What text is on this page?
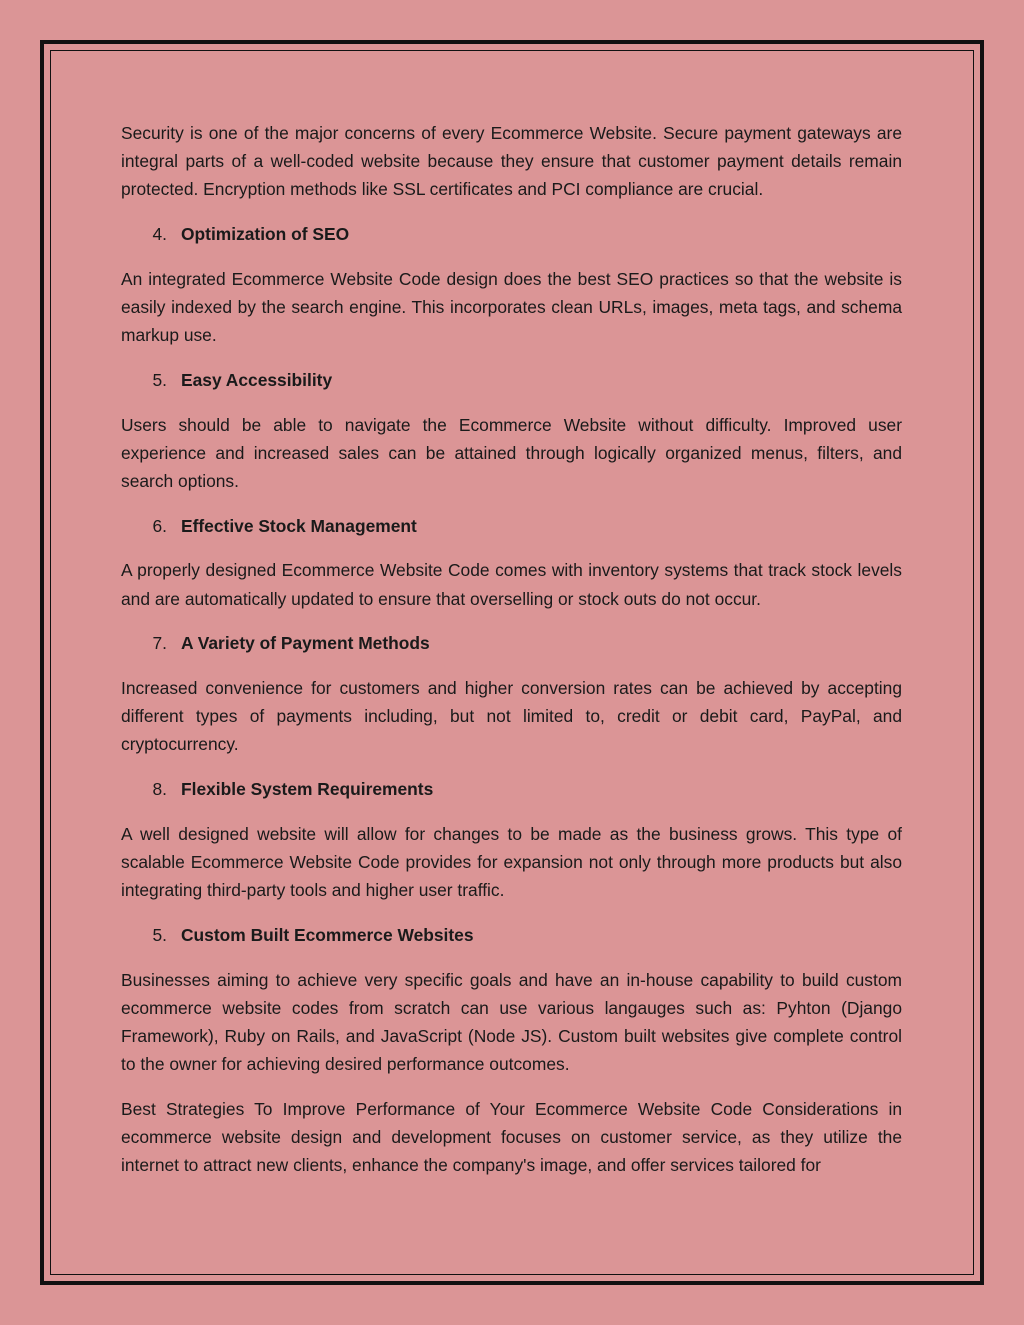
Security is one of the major concerns of every Ecommerce Website. Secure payment gateways are integral parts of a well-coded website because they ensure that customer payment details remain protected. Encryption methods like SSL certificates and PCI compliance are crucial.

4. Optimization of SEO

An integrated Ecommerce Website Code design does the best SEO practices so that the website is easily indexed by the search engine. This incorporates clean URLs, images, meta tags, and schema markup use.

5. Easy Accessibility

Users should be able to navigate the Ecommerce Website without difficulty. Improved user experience and increased sales can be attained through logically organized menus, filters, and search options.

6. Effective Stock Management

A properly designed Ecommerce Website Code comes with inventory systems that track stock levels and are automatically updated to ensure that overselling or stock outs do not occur.

7. A Variety of Payment Methods

Increased convenience for customers and higher conversion rates can be achieved by accepting different types of payments including, but not limited to, credit or debit card, PayPal, and cryptocurrency.

8. Flexible System Requirements

A well designed website will allow for changes to be made as the business grows. This type of scalable Ecommerce Website Code provides for expansion not only through more products but also integrating third-party tools and higher user traffic.

5. Custom Built Ecommerce Websites

Businesses aiming to achieve very specific goals and have an in-house capability to build custom ecommerce website codes from scratch can use various langauges such as: Pyhton (Django Framework), Ruby on Rails, and JavaScript (Node JS). Custom built websites give complete control to the owner for achieving desired performance outcomes.

Best Strategies To Improve Performance of Your Ecommerce Website Code Considerations in ecommerce website design and development focuses on customer service, as they utilize the internet to attract new clients, enhance the company's image, and offer services tailored for
